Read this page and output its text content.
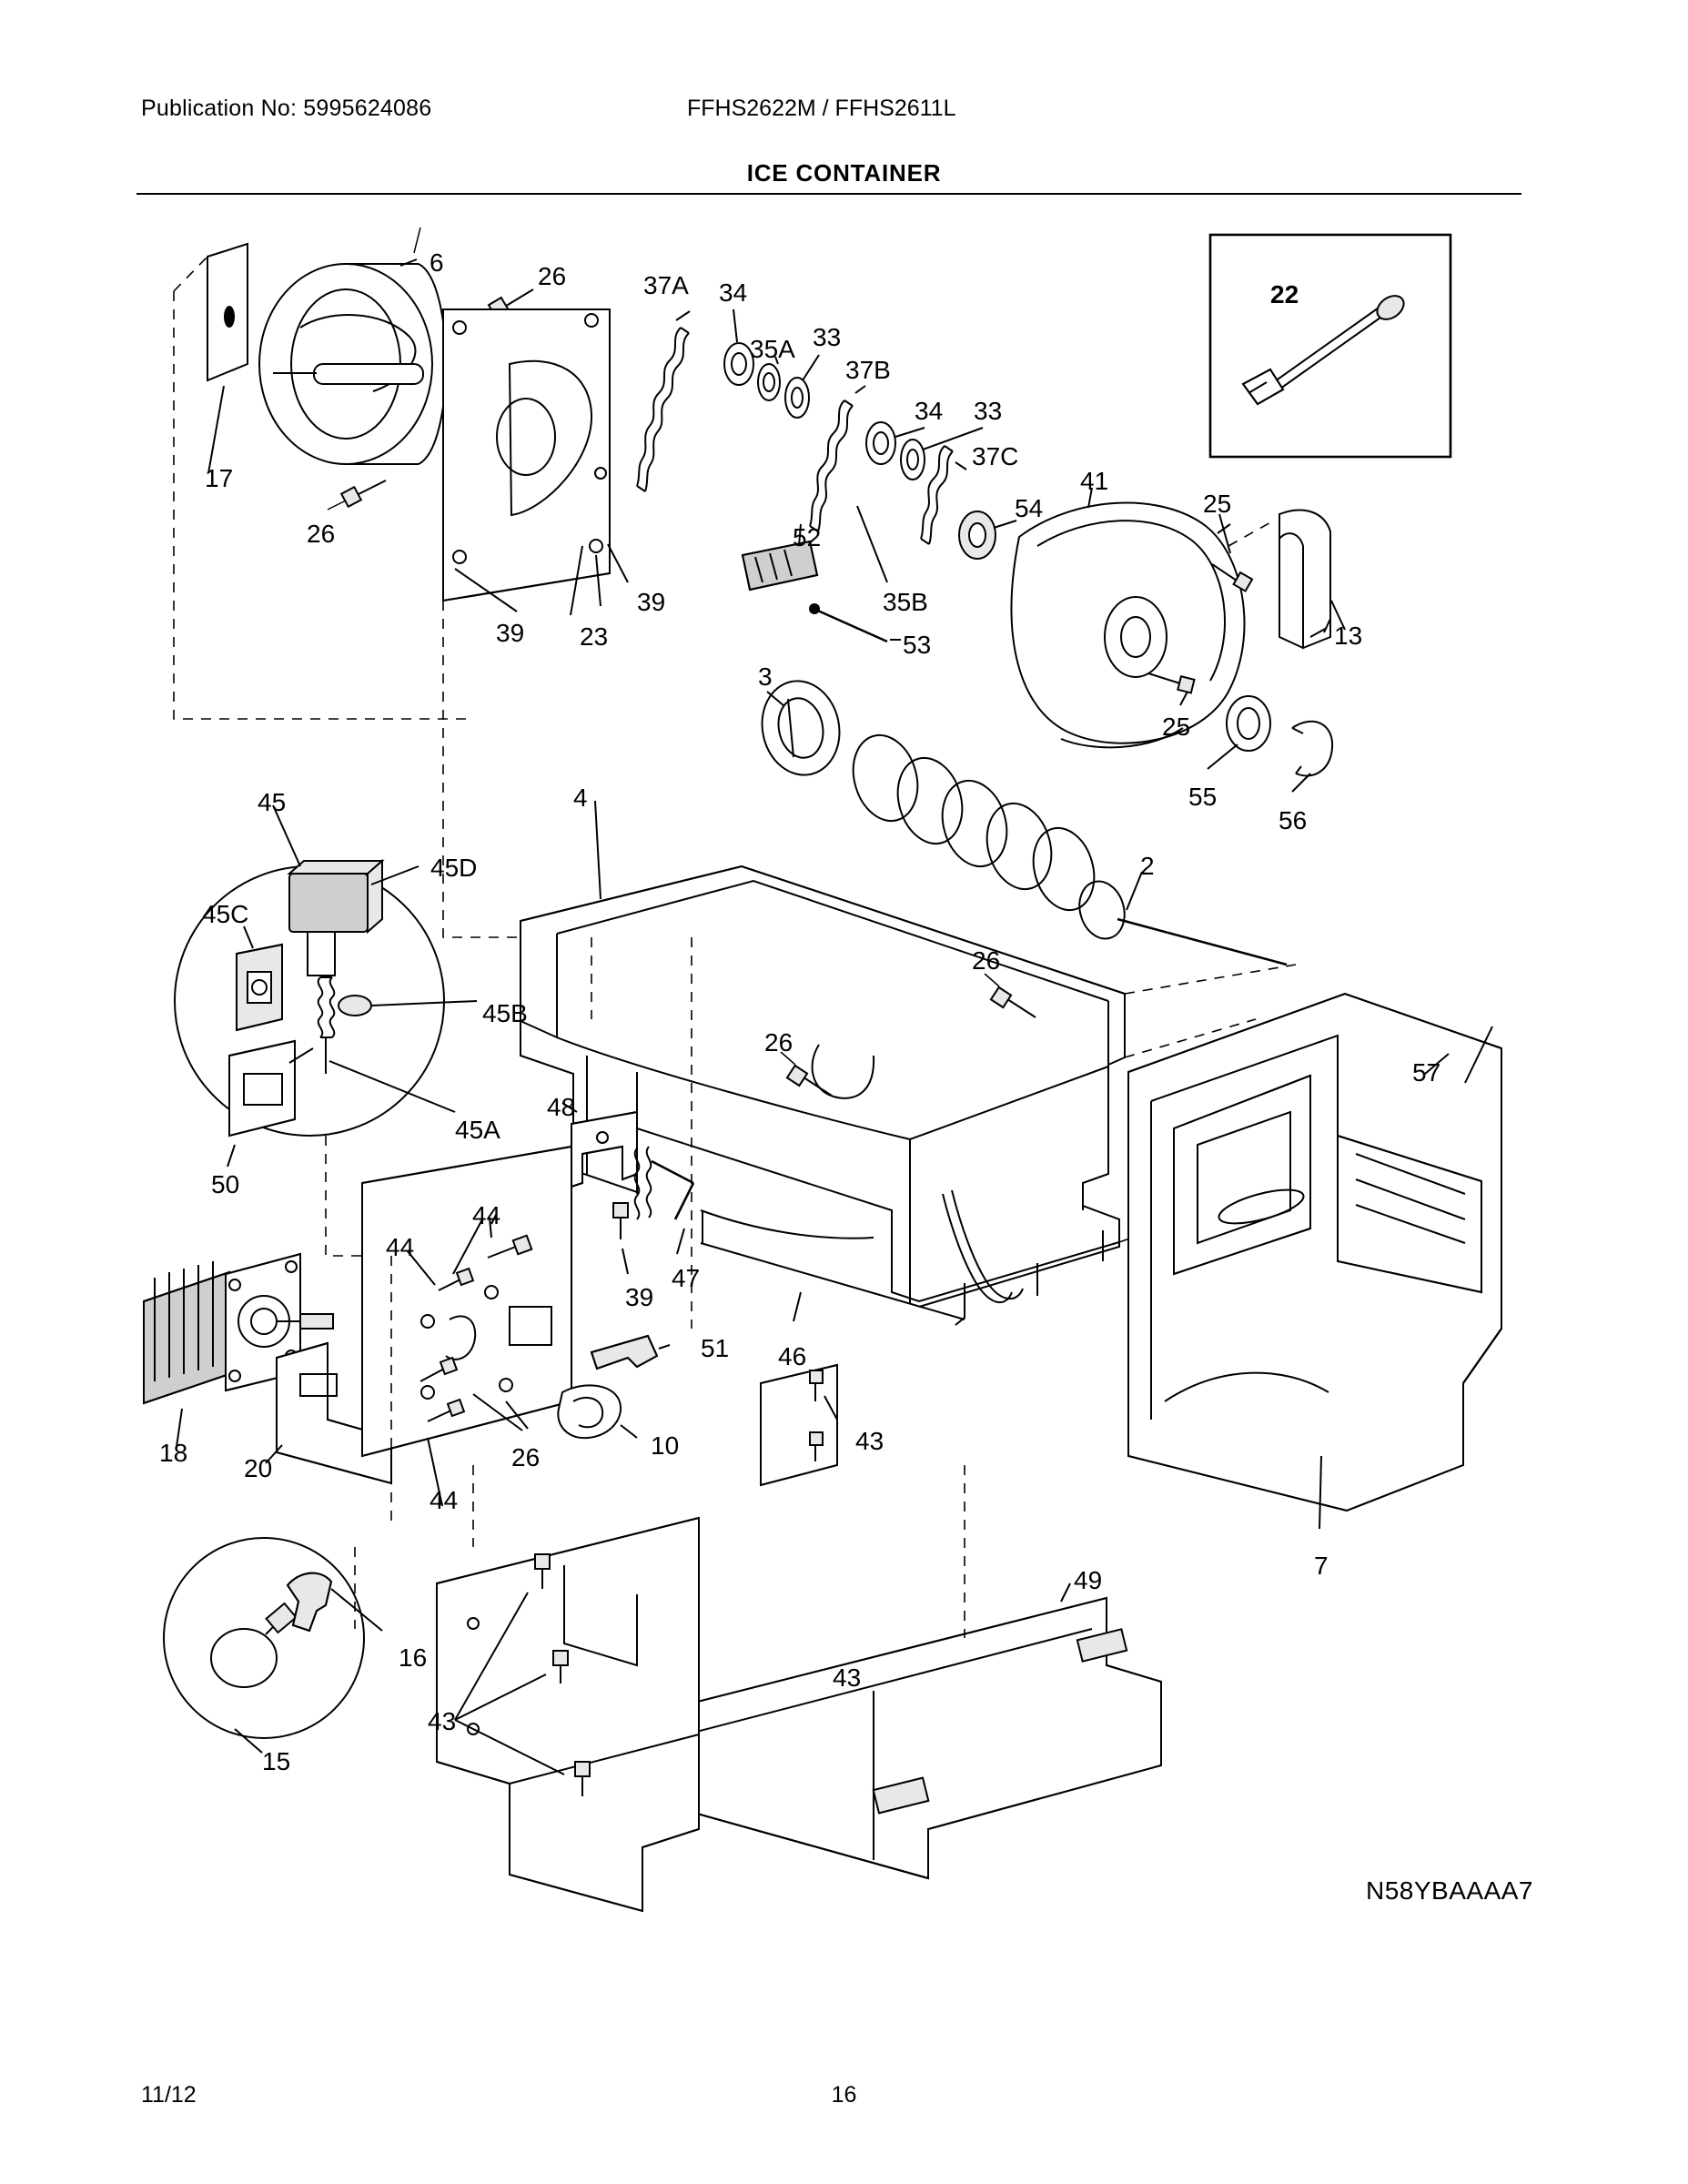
Publication No: 5995624086	FFHS2622M / FFHS2611L
ICE CONTAINER
22
6	26	37A 34
35A 33
37B
34 33
37C
54
41
25
17
26	52
35B
39
39 23	53	13
25
3
55
56
4
45
45D
45C
2
26
26
45B
57
45A
50
48
44
44
47
39
51 46
18
20	26	10	43
44
7
49
16
43
43
15
N58YBAAAA7
11/12	16
